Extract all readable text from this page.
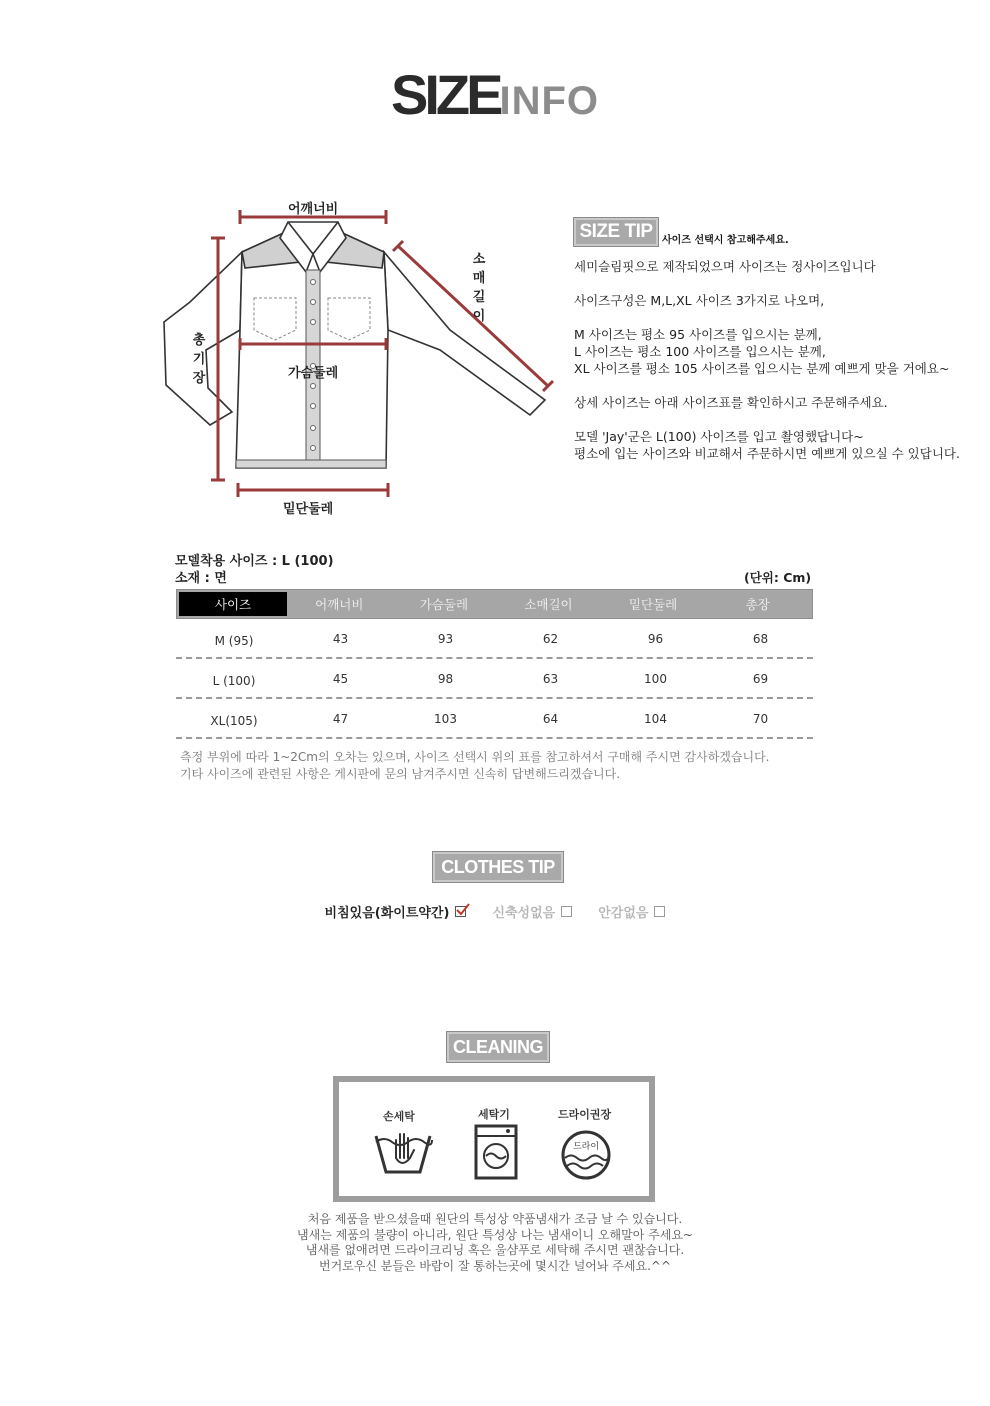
SIZEINFO
어깨너비
소
매
길
이
총
기
장	가슴둘레
밑단둘레
SIZE TIP 사이즈 선택시 참고해주세요.

세미슬림핏으로 제작되었으며 사이즈는 정사이즈입니다

사이즈구성은 M,L,XL 사이즈 3가지로 나오며,

M 사이즈는 평소 95 사이즈를 입으시는 분께,

L 사이즈는 평소 100 사이즈를 입으시는 분께,

XL 사이즈를 평소 105 사이즈를 입으시는 분께 예쁘게 맞을 거에요~

상세 사이즈는 아래 사이즈표를 확인하시고 주문해주세요.

모델 'Jay'군은 L(100) 사이즈를 입고 촬영했답니다~

평소에 입는 사이즈와 비교해서 주문하시면 예쁘게 있으실 수 있답니다.

모델착용 사이즈 : L (100)
소재 : 면	(단위: Cm)
사이즈	어깨너비	가슴둘레	소매길이	밑단둘레	총장
M (95)	43	93	62	96	68
L (100)	45	98	63	100	69
XL(105)	47	103	64	104	70

측정 부위에 따라 1~2Cm의 오차는 있으며, 사이즈 선택시 위의 표를 참고하셔서 구매해 주시면 감사하겠습니다.

기타 사이즈에 관련된 사항은 게시판에 문의 남겨주시면 신속히 답변해드리겠습니다.

CLOTHES TIP
비침있음(화이트약간)	신축성없음	안감없음
CLEANING
손세탁	세탁기	드라이권장
드라이

처음 제품을 받으셨을때 원단의 특성상 약품냄새가 조금 날 수 있습니다.

냄새는 제품의 불량이 아니라, 원단 특성상 나는 냄새이니 오해말아 주세요~

냄새를 없애려면 드라이크리닝 혹은 울샴푸로 세탁해 주시면 괜찮습니다.

번거로우신 분들은 바람이 잘 통하는곳에 몇시간 널어놔 주세요.^^
